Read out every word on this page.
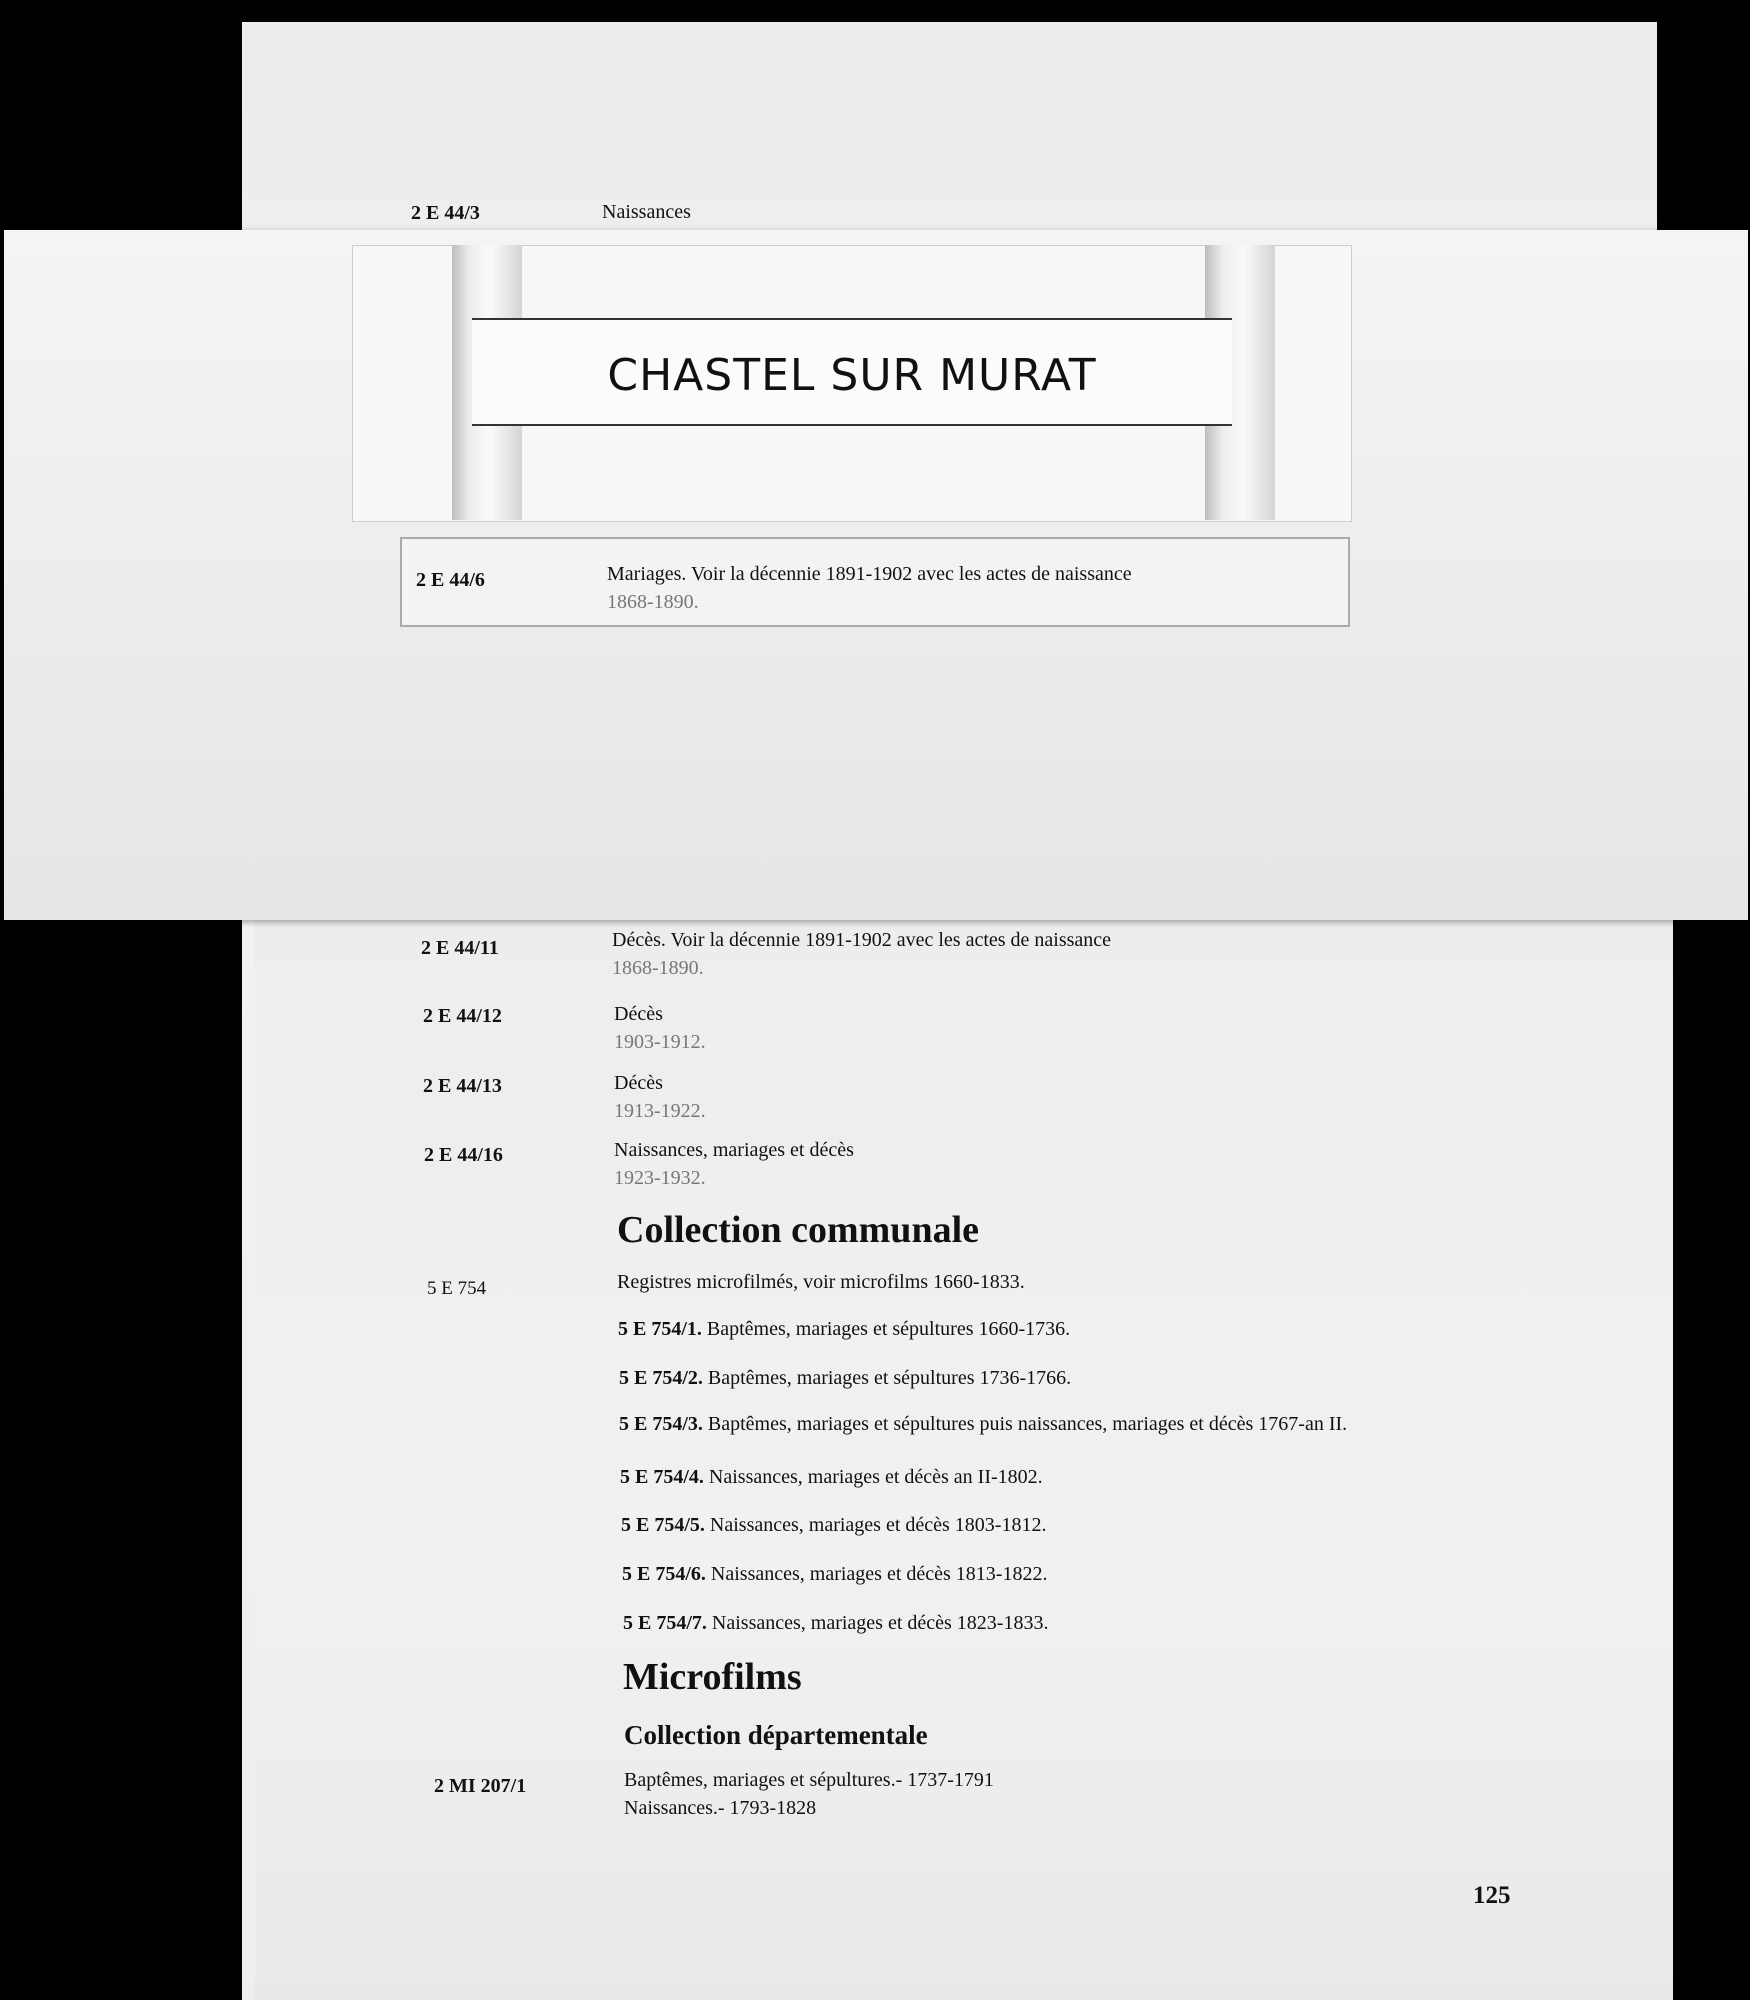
2 E 44/3	Naissances
CHASTEL SUR MURAT
2 E 44/6	Mariages. Voir la décennie 1891-1902 avec les actes de naissance
1868-1890.
2 E 44/11	Décès. Voir la décennie 1891-1902 avec les actes de naissance
1868-1890.
2 E 44/12	Décès
1903-1912.
2 E 44/13	Décès
1913-1922.
2 E 44/16	Naissances, mariages et décès
1923-1932.
Collection communale
5 E 754	Registres microfilmés, voir microfilms 1660-1833.
5 E 754/1. Baptêmes, mariages et sépultures 1660-1736.
5 E 754/2. Baptêmes, mariages et sépultures 1736-1766.
5 E 754/3. Baptêmes, mariages et sépultures puis naissances, mariages et décès 1767-an II.
5 E 754/4. Naissances, mariages et décès an II-1802.
5 E 754/5. Naissances, mariages et décès 1803-1812.
5 E 754/6. Naissances, mariages et décès 1813-1822.
5 E 754/7. Naissances, mariages et décès 1823-1833.
Microfilms
Collection départementale
2 MI 207/1	Baptêmes, mariages et sépultures.- 1737-1791
Naissances.- 1793-1828
125
